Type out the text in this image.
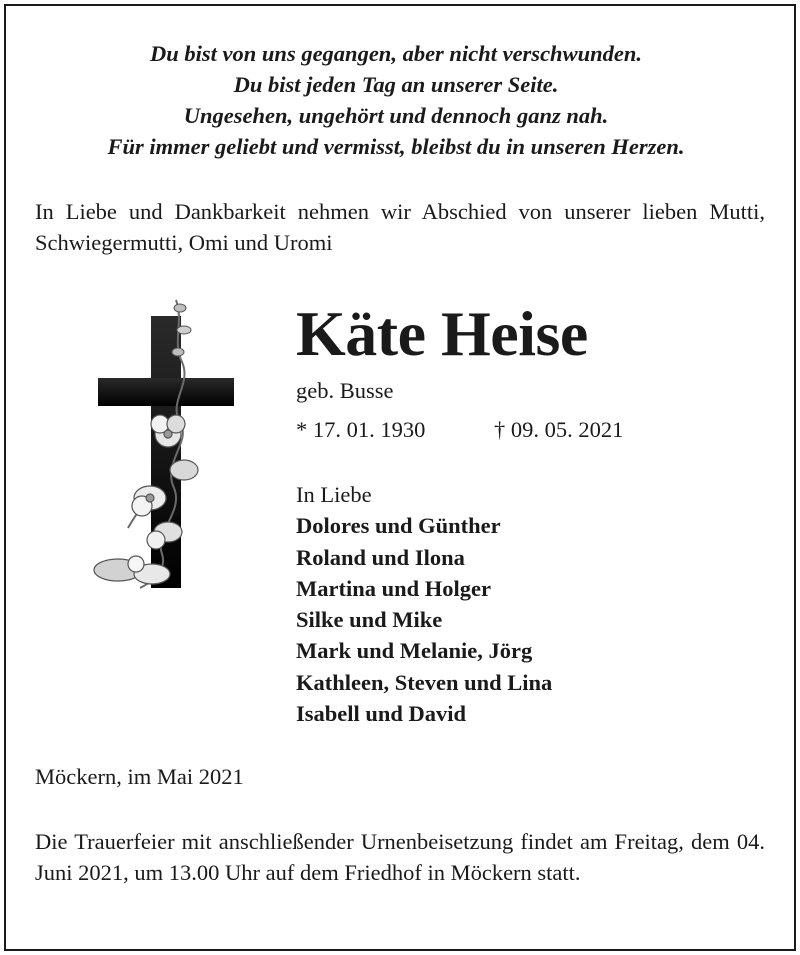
Du bist von uns gegangen, aber nicht verschwunden.
Du bist jeden Tag an unserer Seite.
Ungesehen, ungehört und dennoch ganz nah.
Für immer geliebt und vermisst, bleibst du in unseren Herzen.
In Liebe und Dankbarkeit nehmen wir Abschied von unserer lieben Mutti, Schwiegermutti, Omi und Uromi
Käte Heise
geb. Busse
* 17. 01. 1930	† 09. 05. 2021
In Liebe
Dolores und Günther
Roland und Ilona
Martina und Holger
Silke und Mike
Mark und Melanie, Jörg
Kathleen, Steven und Lina
Isabell und David
Möckern, im Mai 2021
Die Trauerfeier mit anschließender Urnenbeisetzung findet am Freitag, dem 04. Juni 2021, um 13.00 Uhr auf dem Friedhof in Möckern statt.
